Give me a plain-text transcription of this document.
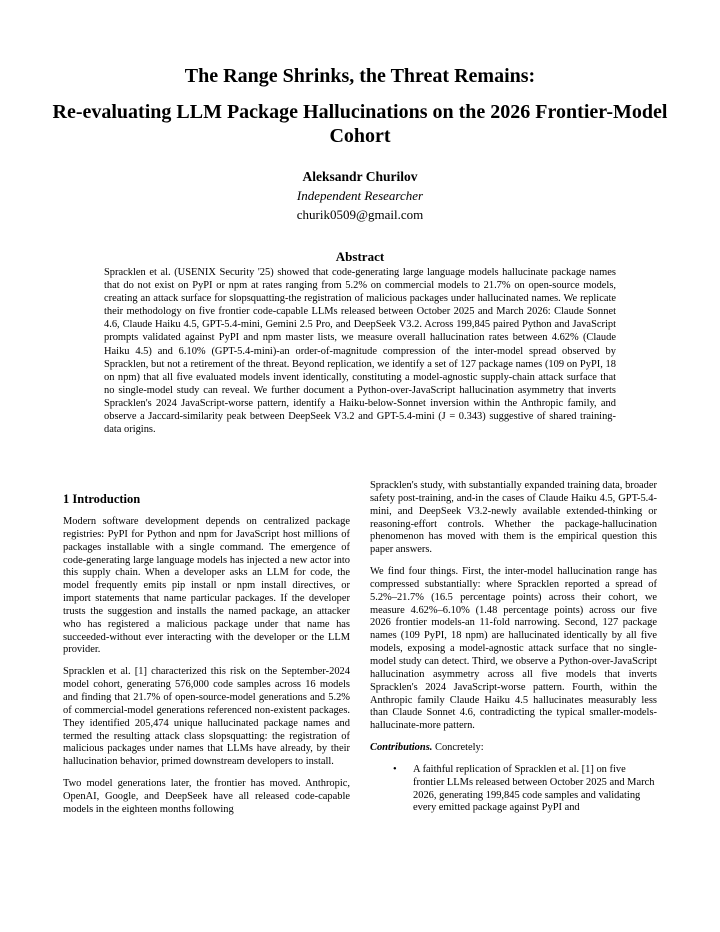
The Range Shrinks, the Threat Remains:
Re-evaluating LLM Package Hallucinations on the 2026 Frontier-Model Cohort
Aleksandr Churilov
Independent Researcher
churik0509@gmail.com
Abstract

Spracklen et al. (USENIX Security '25) showed that code-generating large language models hallucinate package names that do not exist on PyPI or npm at rates ranging from 5.2% on commercial models to 21.7% on open-source models, creating an attack surface for slopsquatting-the registration of malicious packages under hallucinated names. We replicate their methodology on five frontier code-capable LLMs released between October 2025 and March 2026: Claude Sonnet 4.6, Claude Haiku 4.5, GPT-5.4-mini, Gemini 2.5 Pro, and DeepSeek V3.2. Across 199,845 paired Python and JavaScript prompts validated against PyPI and npm master lists, we measure overall hallucination rates between 4.62% (Claude Haiku 4.5) and 6.10% (GPT-5.4-mini)-an order-of-magnitude compression of the inter-model spread observed by Spracklen, but not a retirement of the threat. Beyond replication, we identify a set of 127 package names (109 on PyPI, 18 on npm) that all five evaluated models invent identically, constituting a model-agnostic supply-chain attack surface that no single-model study can reveal. We further document a Python-over-JavaScript hallucination asymmetry that inverts Spracklen's 2024 JavaScript-worse pattern, identify a Haiku-below-Sonnet inversion within the Anthropic family, and observe a Jaccard-similarity peak between DeepSeek V3.2 and GPT-5.4-mini (J = 0.343) suggestive of shared training-data origins.

1 Introduction

Modern software development depends on centralized package registries: PyPI for Python and npm for JavaScript host millions of packages installable with a single command. The emergence of code-generating large language models has injected a new actor into this supply chain. When a developer asks an LLM for code, the model frequently emits pip install or npm install directives, or import statements that name particular packages. If the developer trusts the suggestion and installs the named package, an attacker who has registered a malicious package under that name has succeeded-without ever interacting with the developer or the LLM provider.

Spracklen et al. [1] characterized this risk on the September-2024 model cohort, generating 576,000 code samples across 16 models and finding that 21.7% of open-source-model generations and 5.2% of commercial-model generations referenced non-existent packages. They identified 205,474 unique hallucinated package names and termed the resulting attack class slopsquatting: the registration of malicious packages under names that LLMs have already, by their hallucination behavior, primed downstream developers to install.

Two model generations later, the frontier has moved. Anthropic, OpenAI, Google, and DeepSeek have all released code-capable models in the eighteen months following

Spracklen's study, with substantially expanded training data, broader safety post-training, and-in the cases of Claude Haiku 4.5, GPT-5.4-mini, and DeepSeek V3.2-newly available extended-thinking or reasoning-effort controls. Whether the package-hallucination phenomenon has moved with them is the empirical question this paper answers.

We find four things. First, the inter-model hallucination range has compressed substantially: where Spracklen reported a spread of 5.2%–21.7% (16.5 percentage points) across their cohort, we measure 4.62%–6.10% (1.48 percentage points) across our five 2026 frontier models-an 11-fold narrowing. Second, 127 package names (109 PyPI, 18 npm) are hallucinated identically by all five models, exposing a model-agnostic attack surface that no single-model study can detect. Third, we observe a Python-over-JavaScript hallucination asymmetry across all five models that inverts Spracklen's 2024 JavaScript-worse pattern. Fourth, within the Anthropic family Claude Haiku 4.5 hallucinates measurably less than Claude Sonnet 4.6, contradicting the typical smaller-models-hallucinate-more pattern.

Contributions. Concretely:

• A faithful replication of Spracklen et al. [1] on five frontier LLMs released between October 2025 and March 2026, generating 199,845 code samples and validating every emitted package against PyPI and
